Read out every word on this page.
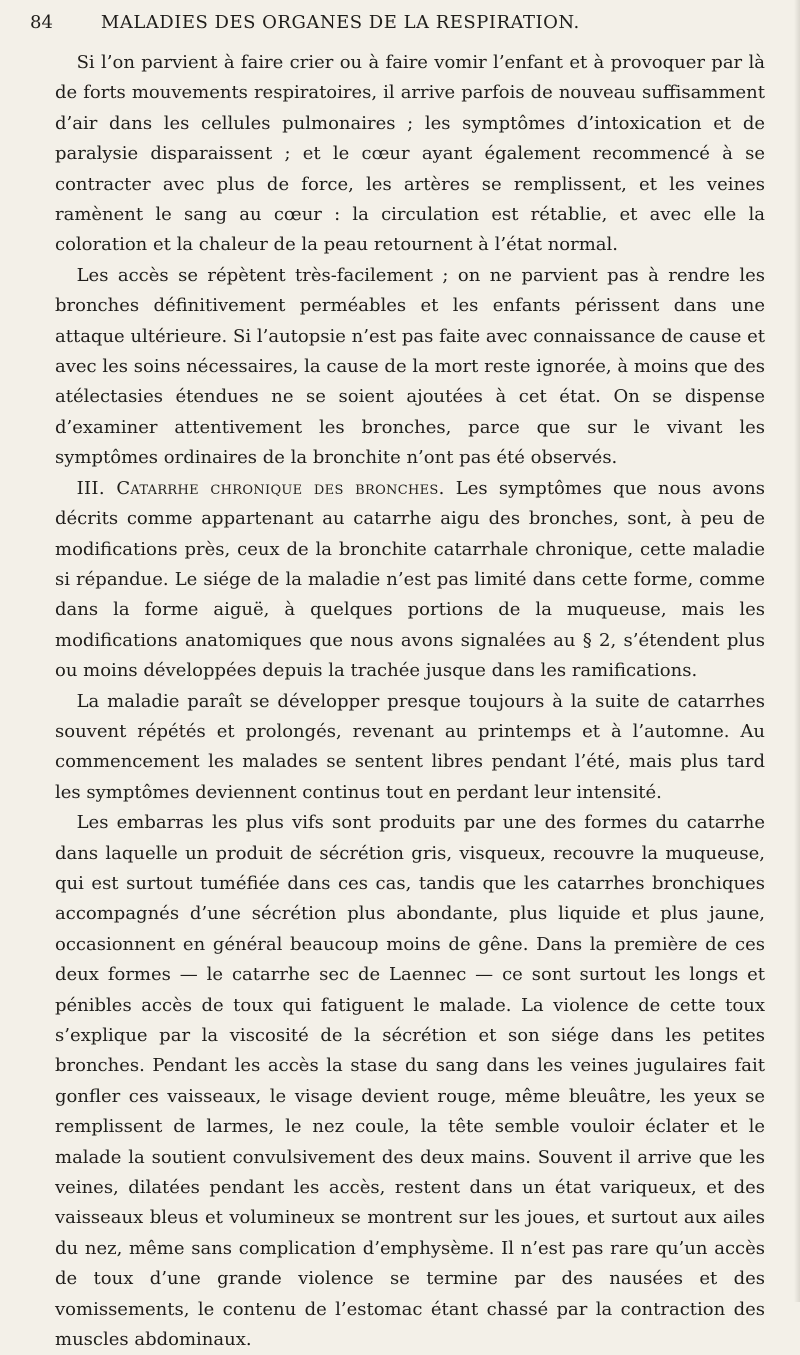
84	MALADIES DES ORGANES DE LA RESPIRATION.

Si l’on parvient à faire crier ou à faire vomir l’enfant et à provoquer par là de forts mouvements respiratoires, il arrive parfois de nouveau suffisamment d’air dans les cellules pulmonaires ; les symptômes d’intoxication et de paralysie disparaissent ; et le cœur ayant également recommencé à se contracter avec plus de force, les artères se remplissent, et les veines ramènent le sang au cœur : la circulation est rétablie, et avec elle la coloration et la chaleur de la peau retournent à l’état normal.

Les accès se répètent très-facilement ; on ne parvient pas à rendre les bronches définitivement perméables et les enfants périssent dans une attaque ultérieure. Si l’autopsie n’est pas faite avec connaissance de cause et avec les soins nécessaires, la cause de la mort reste ignorée, à moins que des atélectasies étendues ne se soient ajoutées à cet état. On se dispense d’examiner attentivement les bronches, parce que sur le vivant les symptômes ordinaires de la bronchite n’ont pas été observés.

III. Catarrhe chronique des bronches. Les symptômes que nous avons décrits comme appartenant au catarrhe aigu des bronches, sont, à peu de modifications près, ceux de la bronchite catarrhale chronique, cette maladie si répandue. Le siége de la maladie n’est pas limité dans cette forme, comme dans la forme aiguë, à quelques portions de la muqueuse, mais les modifications anatomiques que nous avons signalées au § 2, s’étendent plus ou moins développées depuis la trachée jusque dans les ramifications.

La maladie paraît se développer presque toujours à la suite de catarrhes souvent répétés et prolongés, revenant au printemps et à l’automne. Au commencement les malades se sentent libres pendant l’été, mais plus tard les symptômes deviennent continus tout en perdant leur intensité.

Les embarras les plus vifs sont produits par une des formes du catarrhe dans laquelle un produit de sécrétion gris, visqueux, recouvre la muqueuse, qui est surtout tuméfiée dans ces cas, tandis que les catarrhes bronchiques accompagnés d’une sécrétion plus abondante, plus liquide et plus jaune, occasionnent en général beaucoup moins de gêne. Dans la première de ces deux formes — le catarrhe sec de Laennec — ce sont surtout les longs et pénibles accès de toux qui fatiguent le malade. La violence de cette toux s’explique par la viscosité de la sécrétion et son siége dans les petites bronches. Pendant les accès la stase du sang dans les veines jugulaires fait gonfler ces vaisseaux, le visage devient rouge, même bleuâtre, les yeux se remplissent de larmes, le nez coule, la tête semble vouloir éclater et le malade la soutient convulsivement des deux mains. Souvent il arrive que les veines, dilatées pendant les accès, restent dans un état variqueux, et des vaisseaux bleus et volumineux se montrent sur les joues, et surtout aux ailes du nez, même sans complication d’emphysème. Il n’est pas rare qu’un accès de toux d’une grande violence se termine par des nausées et des vomissements, le contenu de l’estomac étant chassé par la contraction des muscles abdominaux.
